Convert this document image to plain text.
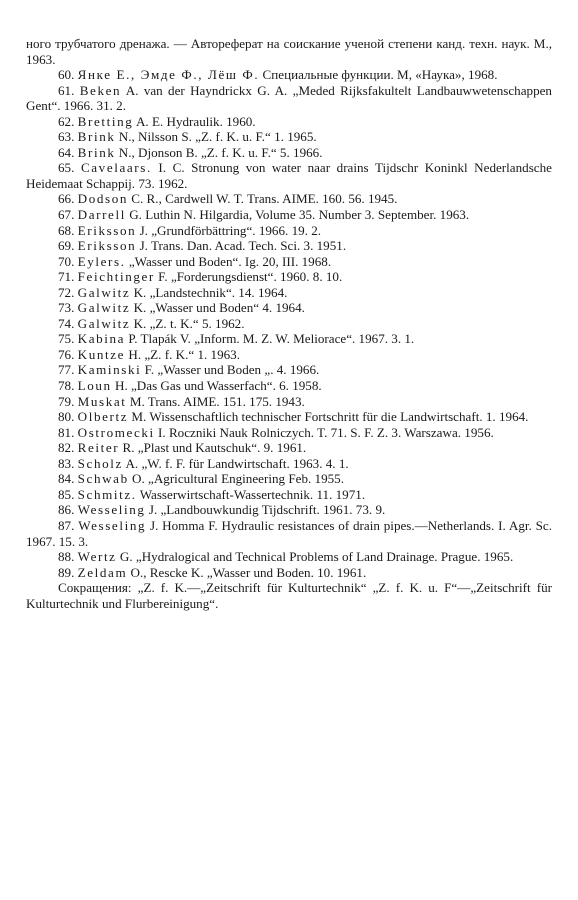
ного трубчатого дренажа. — Автореферат на соискание ученой степени канд. техн. наук. М., 1963.

60. Янке Е., Эмде Ф., Лёш Ф. Специальные функции. М, «Наука», 1968.

61. Beken A. van der Hayndrickx G. A. „Meded Rijksfakultelt Landbauwwetenschappen Gent“. 1966. 31. 2.

62. Bretting A. E. Hydraulik. 1960.

63. Brink N., Nilsson S. „Z. f. K. u. F.“ 1. 1965.

64. Brink N., Djonson B. „Z. f. K. u. F.“ 5. 1966.

65. Cavelaars. I. C. Stronung von water naar drains Tijdschr Koninkl Nederlandsche Heidemaat Schappij. 73. 1962.

66. Dodson C. R., Cardwell W. T. Trans. AIME. 160. 56. 1945.

67. Darrell G. Luthin N. Hilgardia, Volume 35. Number 3. September. 1963.

68. Eriksson J. „Grundförbättring“. 1966. 19. 2.

69. Eriksson J. Trans. Dan. Acad. Tech. Sci. 3. 1951.

70. Eylers. „Wasser und Boden“. Ig. 20, III. 1968.

71. Feichtinger F. „Forderungsdienst“. 1960. 8. 10.

72. Galwitz K. „Landstechnik“. 14. 1964.

73. Galwitz K. „Wasser und Boden“ 4. 1964.

74. Galwitz K. „Z. t. K.“ 5. 1962.

75. Kabina P. Tlapák V. „Inform. M. Z. W. Meliorace“. 1967. 3. 1.

76. Kuntze H. „Z. f. K.“ 1. 1963.

77. Kaminski F. „Wasser und Boden „. 4. 1966.

78. Loun H. „Das Gas und Wasserfach“. 6. 1958.

79. Muskat M. Trans. AIME. 151. 175. 1943.

80. Olbertz M. Wissenschaftlich technischer Fortschritt für die Landwirtschaft. 1. 1964.

81. Ostromecki I. Roczniki Nauk Rolniczych. T. 71. S. F. Z. 3. Warszawa. 1956.

82. Reiter R. „Plast und Kautschuk“. 9. 1961.

83. Scholz A. „W. f. F. für Landwirtschaft. 1963. 4. 1.

84. Schwab O. „Agricultural Engineering Feb. 1955.

85. Schmitz. Wasserwirtschaft-Wassertechnik. 11. 1971.

86. Wesseling J. „Landbouwkundig Tijdschrift. 1961. 73. 9.

87. Wesseling J. Homma F. Hydraulic resistances of drain pipes.—Netherlands. I. Agr. Sc. 1967. 15. 3.

88. Wertz G. „Hydralogical and Technical Problems of Land Drainage. Prague. 1965.

89. Zeldam O., Rescke K. „Wasser und Boden. 10. 1961.

Сокращения: „Z. f. K.—„Zeitschrift für Kulturtechnik“ „Z. f. K. u. F“—„Zeitschrift für Kulturtechnik und Flurbereinigung“.
